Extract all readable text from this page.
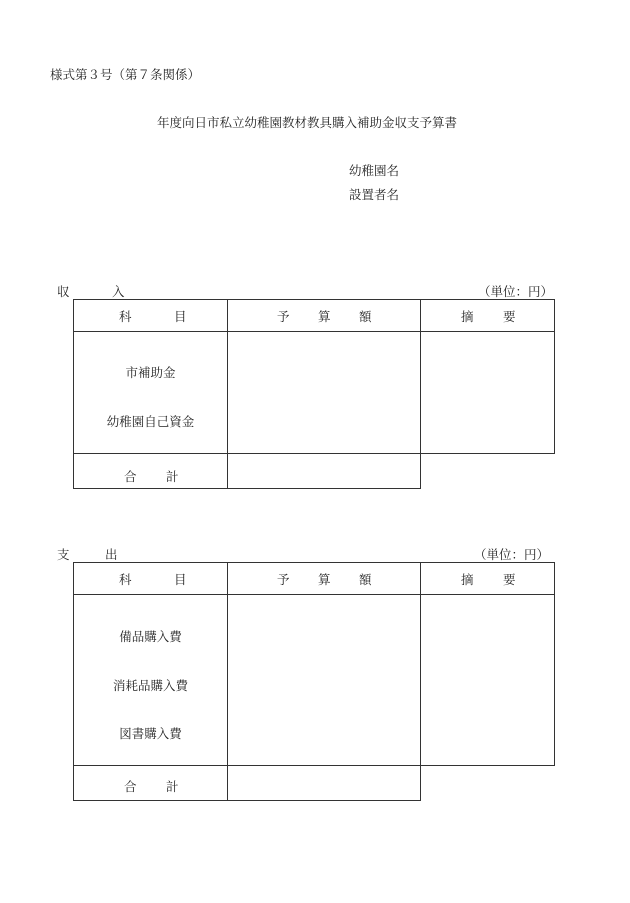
様式第３号（第７条関係）
年度向日市私立幼稚園教材教具購入補助金収支予算書
幼稚園名
設置者名
収	入	（単位：円）
科	目	予 算 額	摘 要
市補助金
幼稚園自己資金
合 計
支	出	（単位：円）
科	目	予 算 額	摘 要
備品購入費
消耗品購入費
図書購入費
合 計
